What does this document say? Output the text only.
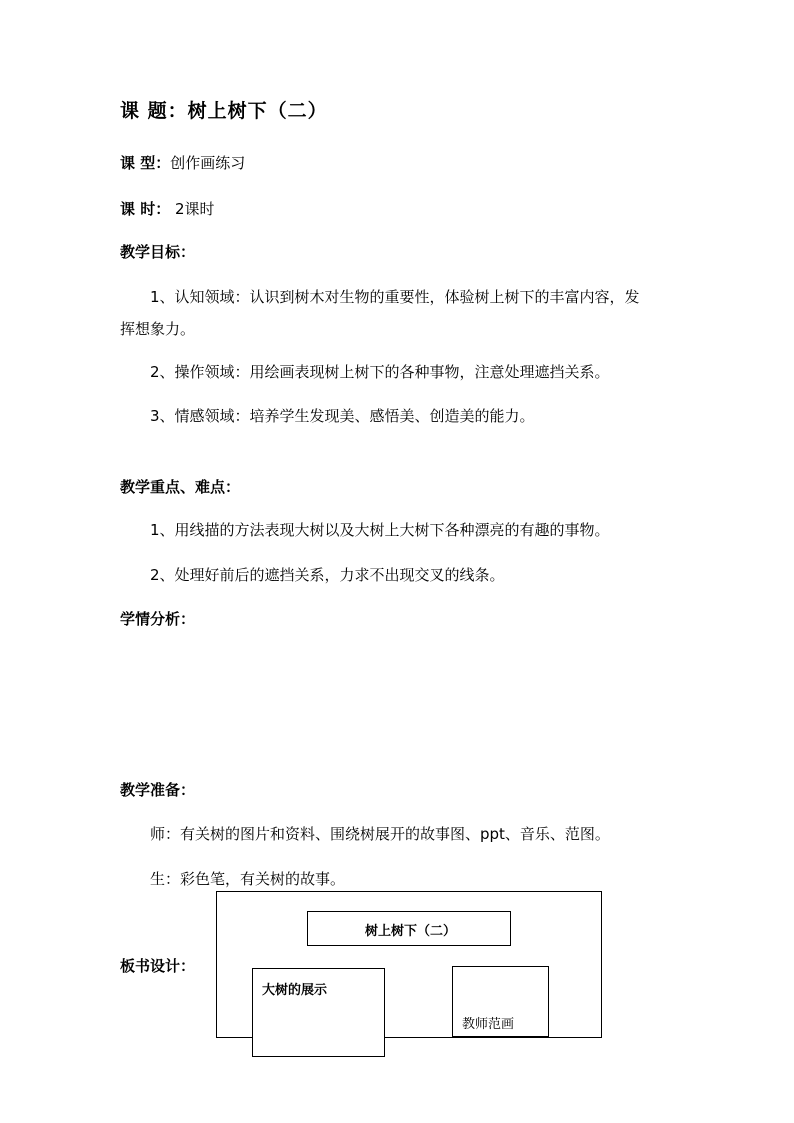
课 题：树上树下（二）
课 型：创作画练习
课 时： 2课时
教学目标：
1、认知领域：认识到树木对生物的重要性，体验树上树下的丰富内容，发
挥想象力。
2、操作领域：用绘画表现树上树下的各种事物，注意处理遮挡关系。
3、情感领域：培养学生发现美、感悟美、创造美的能力。
教学重点、难点：
1、用线描的方法表现大树以及大树上大树下各种漂亮的有趣的事物。
2、处理好前后的遮挡关系，力求不出现交叉的线条。
学情分析：
教学准备：
师：有关树的图片和资料、围绕树展开的故事图、ppt、音乐、范图。
生：彩色笔，有关树的故事。
板书设计：
树上树下（二）
教师范画
大树的展示
